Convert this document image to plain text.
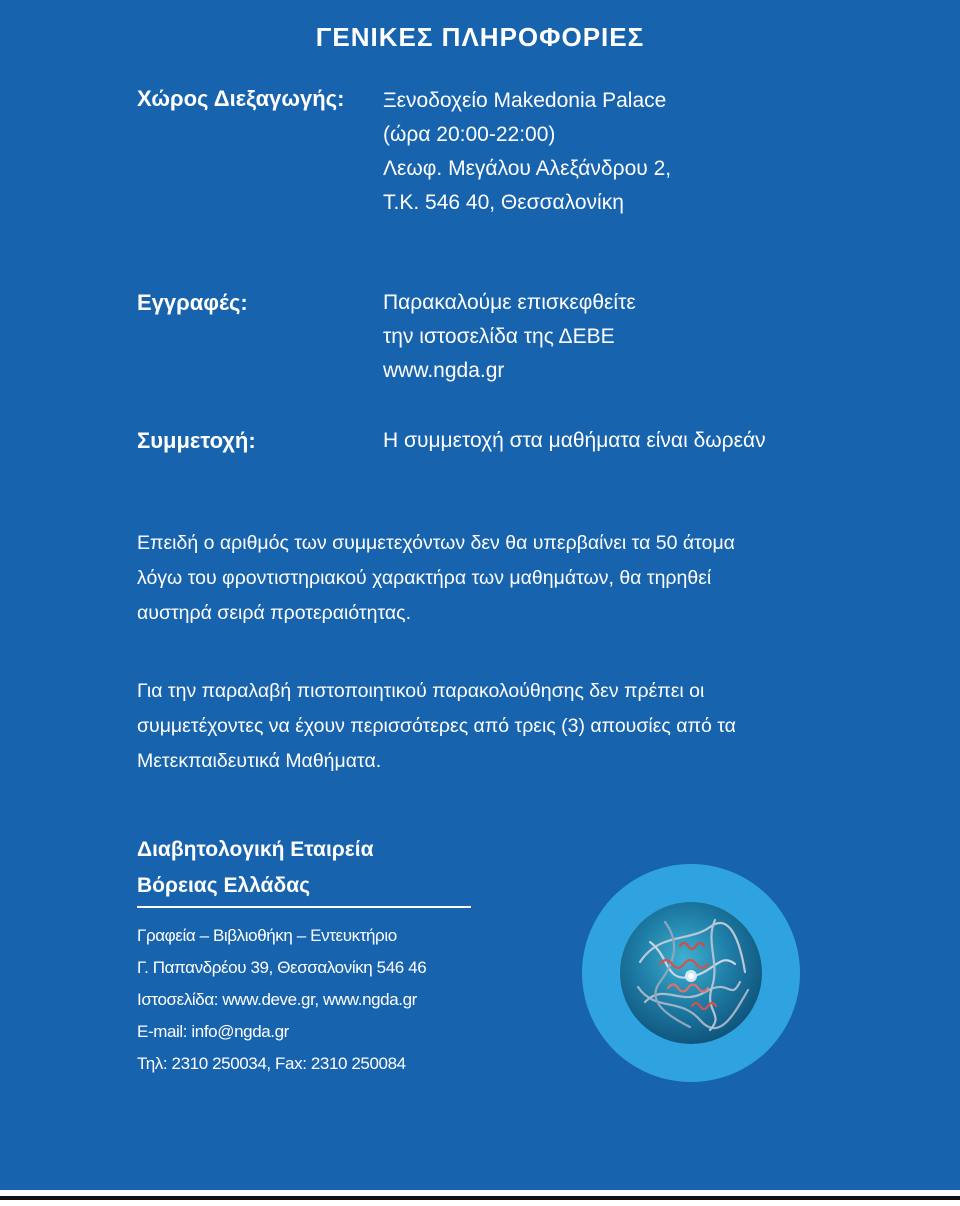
ΓΕΝΙΚΕΣ ΠΛΗΡΟΦΟΡΙΕΣ
Χώρος Διεξαγωγής: Ξενοδοχείο Makedonia Palace
(ώρα 20:00-22:00)
Λεωφ. Μεγάλου Αλεξάνδρου 2,
Τ.Κ. 546 40, Θεσσαλονίκη
Εγγραφές:	Παρακαλούμε επισκεφθείτε
την ιστοσελίδα της ΔΕΒΕ
www.ngda.gr
Συμμετοχή:	Η συμμετοχή στα μαθήματα είναι δωρεάν
Επειδή ο αριθμός των συμμετεχόντων δεν θα υπερβαίνει τα 50 άτομα
λόγω του φροντιστηριακού χαρακτήρα των μαθημάτων, θα τηρηθεί
αυστηρά σειρά προτεραιότητας.
Για την παραλαβή πιστοποιητικού παρακολούθησης δεν πρέπει οι
συμμετέχοντες να έχουν περισσότερες από τρεις (3) απουσίες από τα
Μετεκπαιδευτικά Μαθήματα.
Διαβητολογική Εταιρεία
Βόρειας Ελλάδας
Γραφεία – Βιβλιοθήκη – Εντευκτήριο
Γ. Παπανδρέου 39, Θεσσαλονίκη 546 46
Ιστοσελίδα: www.deve.gr, www.ngda.gr
E-mail: info@ngda.gr
Τηλ: 2310 250034, Fax: 2310 250084
